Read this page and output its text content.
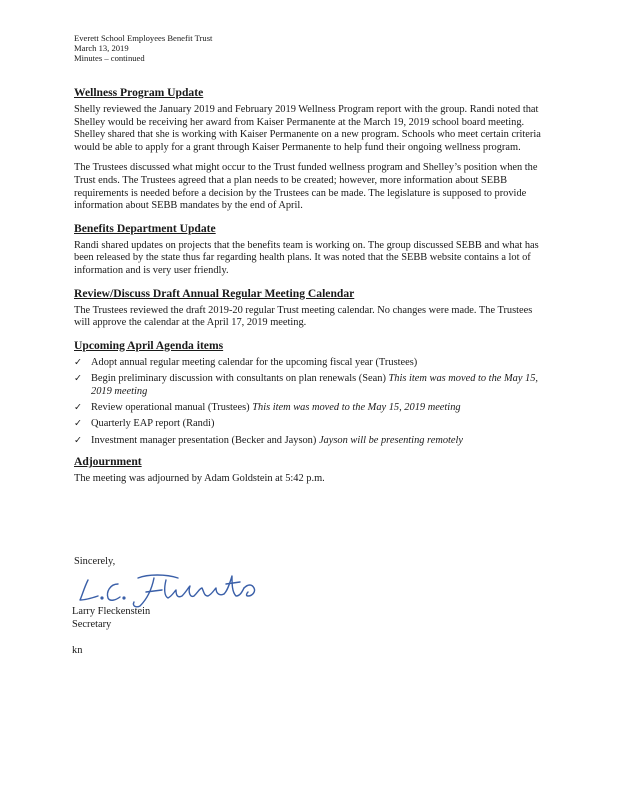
Everett School Employees Benefit Trust
March 13, 2019
Minutes – continued
Wellness Program Update

Shelly reviewed the January 2019 and February 2019 Wellness Program report with the group. Randi noted that Shelley would be receiving her award from Kaiser Permanente at the March 19, 2019 school board meeting. Shelley shared that she is working with Kaiser Permanente on a new program. Schools who meet certain criteria would be able to apply for a grant through Kaiser Permanente to help fund their ongoing wellness program.

The Trustees discussed what might occur to the Trust funded wellness program and Shelley’s position when the Trust ends. The Trustees agreed that a plan needs to be created; however, more information about SEBB requirements is needed before a decision by the Trustees can be made. The legislature is supposed to provide information about SEBB mandates by the end of April.

Benefits Department Update

Randi shared updates on projects that the benefits team is working on. The group discussed SEBB and what has been released by the state thus far regarding health plans. It was noted that the SEBB website contains a lot of information and is very user friendly.

Review/Discuss Draft Annual Regular Meeting Calendar

The Trustees reviewed the draft 2019-20 regular Trust meeting calendar. No changes were made. The Trustees will approve the calendar at the April 17, 2019 meeting.

Upcoming April Agenda items
✓ Adopt annual regular meeting calendar for the upcoming fiscal year (Trustees)
✓ Begin preliminary discussion with consultants on plan renewals (Sean) This item was moved to the May 15, 2019 meeting
✓ Review operational manual (Trustees) This item was moved to the May 15, 2019 meeting
✓ Quarterly EAP report (Randi)
✓ Investment manager presentation (Becker and Jayson) Jayson will be presenting remotely
Adjournment

The meeting was adjourned by Adam Goldstein at 5:42 p.m.

Sincerely,
Larry Fleckenstein
Secretary
kn
